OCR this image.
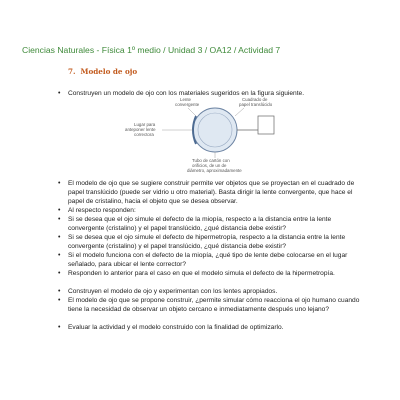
Ciencias Naturales - Física 1º medio / Unidad 3 / OA12 / Actividad 7
7. Modelo de ojo
• Construyen un modelo de ojo con los materiales sugeridos en la figura siguiente.
Lente
convergente
Cuadrado de
papel translúcido
Lugar para
anteponer lente
correctora
Tubo de cartón con
orificios, de un de
diámetro, aproximadamente
• El modelo de ojo que se sugiere construir permite ver objetos que se proyectan en el cuadrado de papel translúcido (puede ser vidrio u otro material). Basta dirigir la lente convergente, que hace el papel de cristalino, hacia el objeto que se desea observar.
• Al respecto responden:
• Si se desea que el ojo simule el defecto de la miopía, respecto a la distancia entre la lente convergente (cristalino) y el papel translúcido, ¿qué distancia debe existir?
• Si se desea que el ojo simule el defecto de hipermetropía, respecto a la distancia entre la lente convergente (cristalino) y el papel translúcido, ¿qué distancia debe existir?
• Si el modelo funciona con el defecto de la miopía, ¿qué tipo de lente debe colocarse en el lugar señalado, para ubicar el lente corrector?
• Responden lo anterior para el caso en que el modelo simula el defecto de la hipermetropía.
• Construyen el modelo de ojo y experimentan con los lentes apropiados.
• El modelo de ojo que se propone construir, ¿permite simular cómo reacciona el ojo humano cuando tiene la necesidad de observar un objeto cercano e inmediatamente después uno lejano?
• Evaluar la actividad y el modelo construido con la finalidad de optimizarlo.
